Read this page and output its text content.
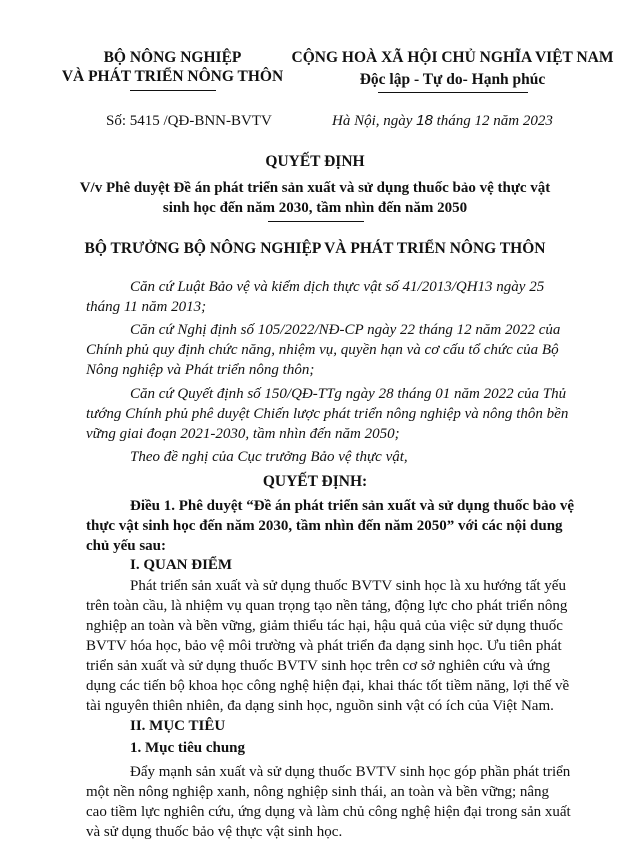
BỘ NÔNG NGHIỆP
VÀ PHÁT TRIỂN NÔNG THÔN
CỘNG HOÀ XÃ HỘI CHỦ NGHĨA VIỆT NAM
Độc lập - Tự do- Hạnh phúc
Số: 5415 /QĐ-BNN-BVTV	Hà Nội, ngày 18 tháng 12 năm 2023
QUYẾT ĐỊNH
V/v Phê duyệt Đề án phát triển sản xuất và sử dụng thuốc bảo vệ thực vật
sinh học đến năm 2030, tầm nhìn đến năm 2050
BỘ TRƯỞNG BỘ NÔNG NGHIỆP VÀ PHÁT TRIỂN NÔNG THÔN
Căn cứ Luật Bảo vệ và kiểm dịch thực vật số 41/2013/QH13 ngày 25
tháng 11 năm 2013;
Căn cứ Nghị định số 105/2022/NĐ-CP ngày 22 tháng 12 năm 2022 của
Chính phủ quy định chức năng, nhiệm vụ, quyền hạn và cơ cấu tổ chức của Bộ
Nông nghiệp và Phát triển nông thôn;
Căn cứ Quyết định số 150/QĐ-TTg ngày 28 tháng 01 năm 2022 của Thủ
tướng Chính phủ phê duyệt Chiến lược phát triển nông nghiệp và nông thôn bền
vững giai đoạn 2021-2030, tầm nhìn đến năm 2050;
Theo đề nghị của Cục trưởng Bảo vệ thực vật,
QUYẾT ĐỊNH:
Điều 1. Phê duyệt “Đề án phát triển sản xuất và sử dụng thuốc bảo vệ
thực vật sinh học đến năm 2030, tầm nhìn đến năm 2050” với các nội dung
chủ yếu sau:
I. QUAN ĐIỂM
Phát triển sản xuất và sử dụng thuốc BVTV sinh học là xu hướng tất yếu
trên toàn cầu, là nhiệm vụ quan trọng tạo nền tảng, động lực cho phát triển nông
nghiệp an toàn và bền vững, giảm thiểu tác hại, hậu quả của việc sử dụng thuốc
BVTV hóa học, bảo vệ môi trường và phát triển đa dạng sinh học. Ưu tiên phát
triển sản xuất và sử dụng thuốc BVTV sinh học trên cơ sở nghiên cứu và ứng
dụng các tiến bộ khoa học công nghệ hiện đại, khai thác tốt tiềm năng, lợi thế về
tài nguyên thiên nhiên, đa dạng sinh học, nguồn sinh vật có ích của Việt Nam.
II. MỤC TIÊU
1. Mục tiêu chung
Đẩy mạnh sản xuất và sử dụng thuốc BVTV sinh học góp phần phát triển
một nền nông nghiệp xanh, nông nghiệp sinh thái, an toàn và bền vững; nâng
cao tiềm lực nghiên cứu, ứng dụng và làm chủ công nghệ hiện đại trong sản xuất
và sử dụng thuốc bảo vệ thực vật sinh học.
